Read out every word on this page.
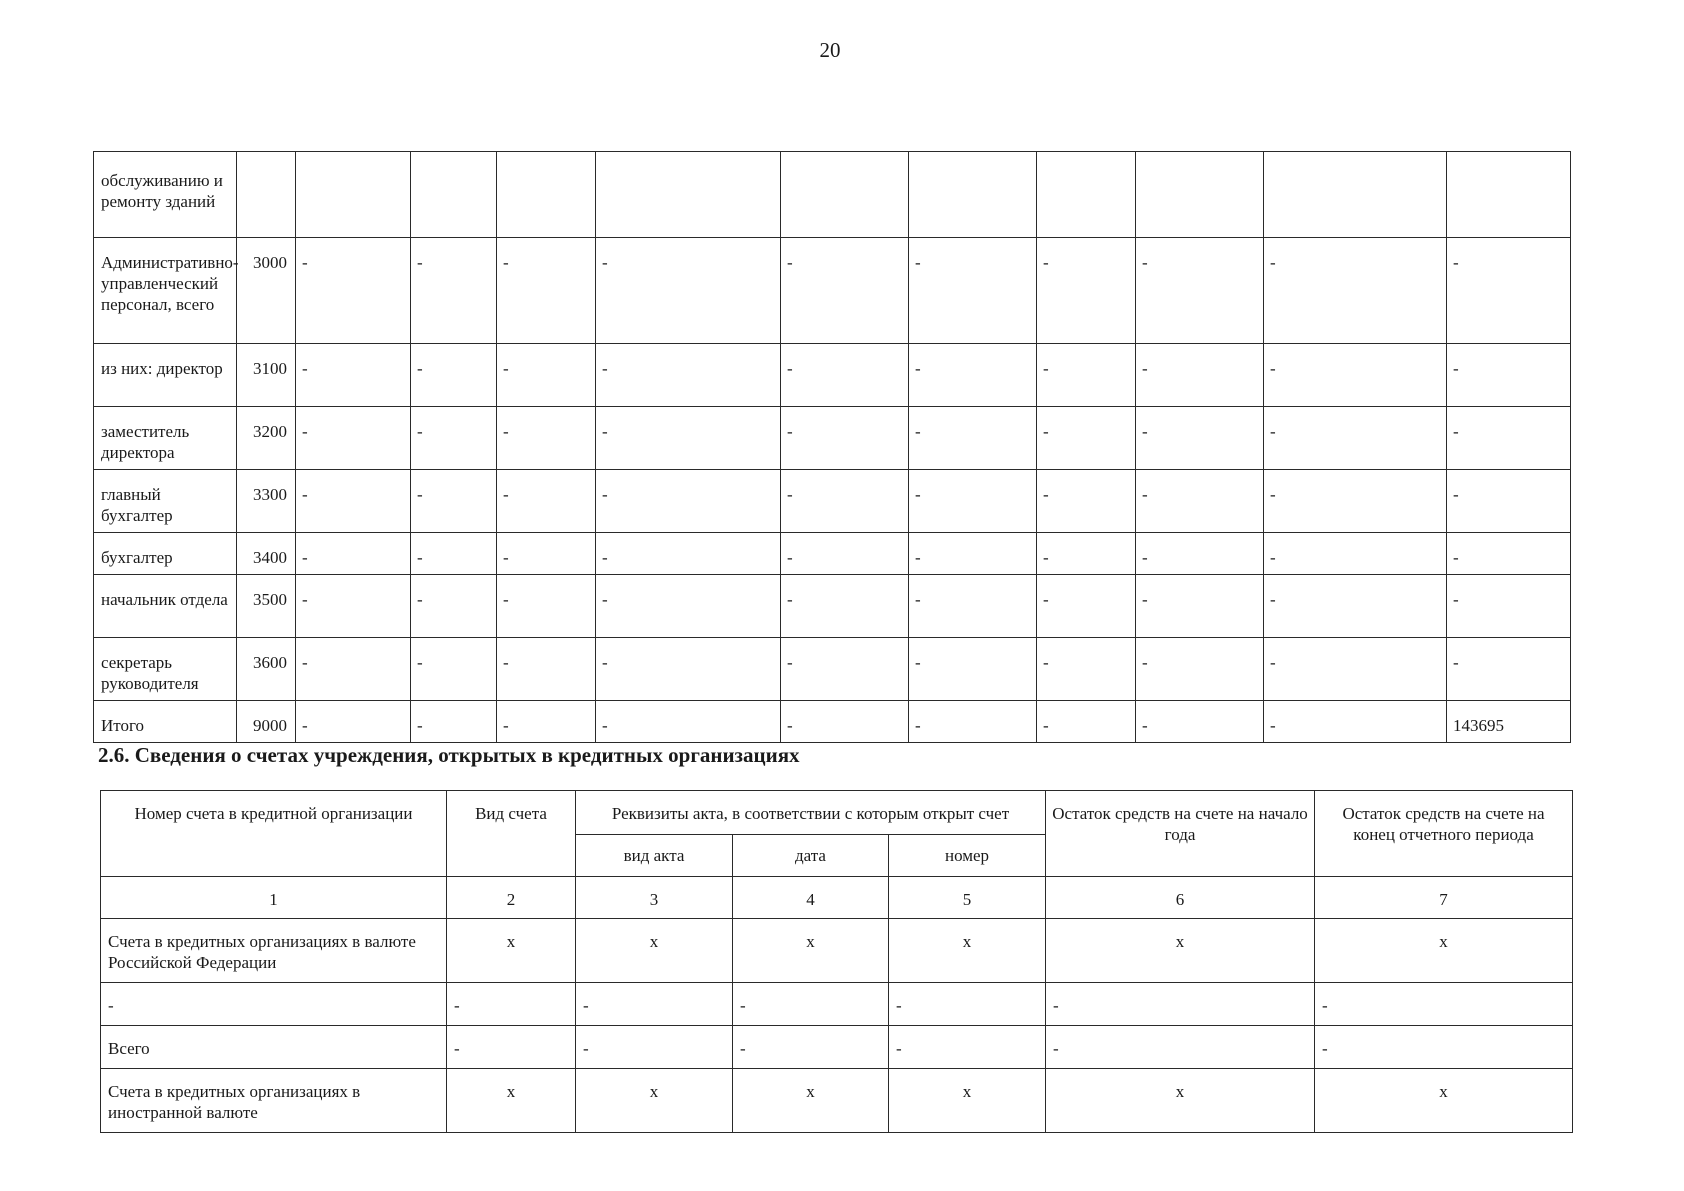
20
обслуживанию и ремонту зданий											
Административно-управленческий персонал, всего	3000	-	-	-	-	-	-	-	-	-	-
из них: директор	3100	-	-	-	-	-	-	-	-	-	-
заместитель директора	3200	-	-	-	-	-	-	-	-	-	-
главный бухгалтер	3300	-	-	-	-	-	-	-	-	-	-
бухгалтер	3400	-	-	-	-	-	-	-	-	-	-
начальник отдела	3500	-	-	-	-	-	-	-	-	-	-
секретарь руководителя	3600	-	-	-	-	-	-	-	-	-	-
Итого	9000	-	-	-	-	-	-	-	-	-	143695
2.6. Сведения о счетах учреждения, открытых в кредитных организациях
Номер счета в кредитной организации	Вид счета	Реквизиты акта, в соответствии с которым открыт счет			Остаток средств на счете на начало года	Остаток средств на счете на конец отчетного периода
		вид акта	дата	номер		
1	2	3	4	5	6	7
Счета в кредитных организациях в валюте Российской Федерации	x	x	x	x	x	x
-	-	-	-	-	-	-
Всего	-	-	-	-	-	-
Счета в кредитных организациях в иностранной валюте	x	x	x	x	x	x
